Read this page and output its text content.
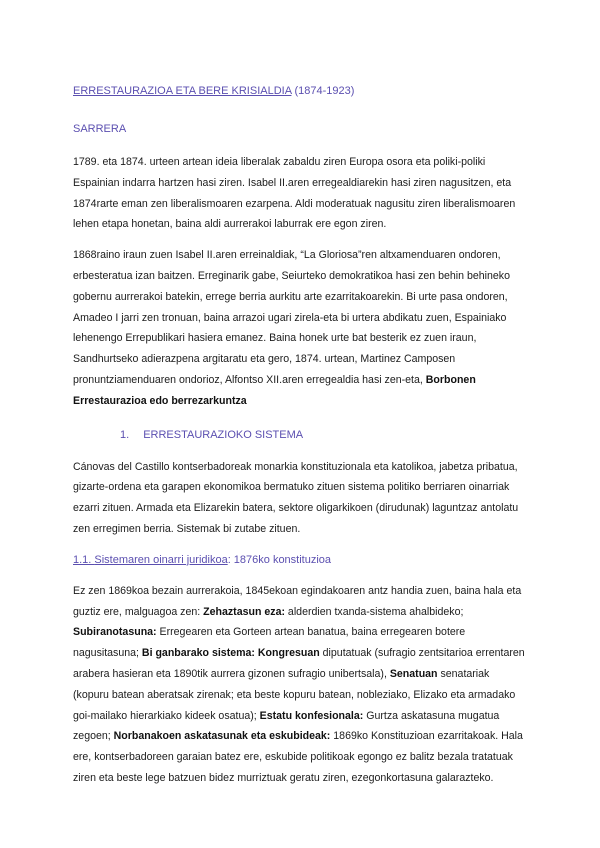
ERRESTAURAZIOA ETA BERE KRISIALDIA (1874-1923)

SARRERA

1789. eta 1874. urteen artean ideia liberalak zabaldu ziren Europa osora eta poliki-poliki Espainian indarra hartzen hasi ziren. Isabel II.aren erregealdiarekin hasi ziren nagusitzen, eta 1874rarte eman zen liberalismoaren ezarpena. Aldi moderatuak nagusitu ziren liberalismoaren lehen etapa honetan, baina aldi aurrerakoi laburrak ere egon ziren.

1868raino iraun zuen Isabel II.aren erreinaldiak, “La Gloriosa”ren altxamenduaren ondoren, erbesteratua izan baitzen. Erreginarik gabe, Seiurteko demokratikoa hasi zen behin behineko gobernu aurrerakoi batekin, errege berria aurkitu arte ezarritakoarekin. Bi urte pasa ondoren, Amadeo I jarri zen tronuan, baina arrazoi ugari zirela-eta bi urtera abdikatu zuen, Espainiako lehenengo Errepublikari hasiera emanez. Baina honek urte bat besterik ez zuen iraun, Sandhurtseko adierazpena argitaratu eta gero, 1874. urtean, Martinez Camposen pronuntziamenduaren ondorioz, Alfontso XII.aren erregealdia hasi zen-eta, Borbonen Errestaurazioa edo berrezarkuntza

1. ERRESTAURAZIOKO SISTEMA

Cánovas del Castillo kontserbadoreak monarkia konstituzionala eta katolikoa, jabetza pribatua, gizarte-ordena eta garapen ekonomikoa bermatuko zituen sistema politiko berriaren oinarriak ezarri zituen. Armada eta Elizarekin batera, sektore oligarkikoen (dirudunak) laguntzaz antolatu zen erregimen berria. Sistemak bi zutabe zituen.

1.1. Sistemaren oinarri juridikoa: 1876ko konstituzioa

Ez zen 1869koa bezain aurrerakoia, 1845ekoan egindakoaren antz handia zuen, baina hala eta guztiz ere, malguagoa zen: Zehaztasun eza: alderdien txanda-sistema ahalbideko; Subiranotasuna: Erregearen eta Gorteen artean banatua, baina erregearen botere nagusitasuna; Bi ganbarako sistema: Kongresuan diputatuak (sufragio zentsitarioa errentaren arabera hasieran eta 1890tik aurrera gizonen sufragio unibertsala), Senatuan senatariak (kopuru batean aberatsak zirenak; eta beste kopuru batean, nobleziako, Elizako eta armadako goi-mailako hierarkiako kideek osatua); Estatu konfesionala: Gurtza askatasuna mugatua zegoen; Norbanakoen askatasunak eta eskubideak: 1869ko Konstituzioan ezarritakoak. Hala ere, kontserbadoreen garaian batez ere, eskubide politikoak egongo ez balitz bezala tratatuak ziren eta beste lege batzuen bidez murriztuak geratu ziren, ezegonkortasuna galarazteko.
